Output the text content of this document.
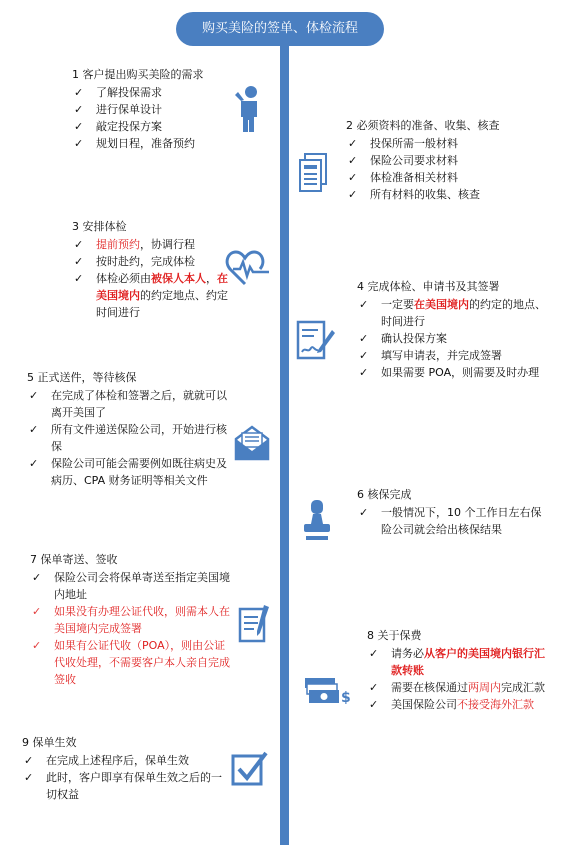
购买美险的签单、体检流程
1 客户提出购买美险的需求
✓ 了解投保需求
✓ 进行保单设计
✓ 敲定投保方案
✓ 规划日程，准备预约
2 必须资料的准备、收集、核查
✓ 投保所需一般材料
✓ 保险公司要求材料
✓ 体检准备相关材料
✓ 所有材料的收集、核查
3 安排体检
✓ 提前预约，协调行程
✓ 按时赴约，完成体检
✓ 体检必须由被保人本人，在美国境内的约定地点、约定时间进行
4 完成体检、申请书及其签署
✓ 一定要在美国境内的约定的地点、时间进行
✓ 确认投保方案
✓ 填写申请表，并完成签署
✓ 如果需要 POA，则需要及时办理
5 正式送件，等待核保
✓ 在完成了体检和签署之后，就就可以离开美国了
✓ 所有文件递送保险公司，开始进行核保
✓ 保险公司可能会需要例如既往病史及病历、CPA 财务证明等相关文件
6 核保完成
✓ 一般情况下，10 个工作日左右保险公司就会给出核保结果
7 保单寄送、签收
✓ 保险公司会将保单寄送至指定美国境内地址
✓ 如果没有办理公证代收，则需本人在美国境内完成签署
✓ 如果有公证代收（POA），则由公证代收处理，不需要客户本人亲自完成签收
8 关于保费
✓ 请务必从客户的美国境内银行汇款转账
✓ 需要在核保通过两周内完成汇款
✓ 美国保险公司不接受海外汇款
$
9 保单生效
✓ 在完成上述程序后，保单生效
✓ 此时，客户即享有保单生效之后的一切权益
